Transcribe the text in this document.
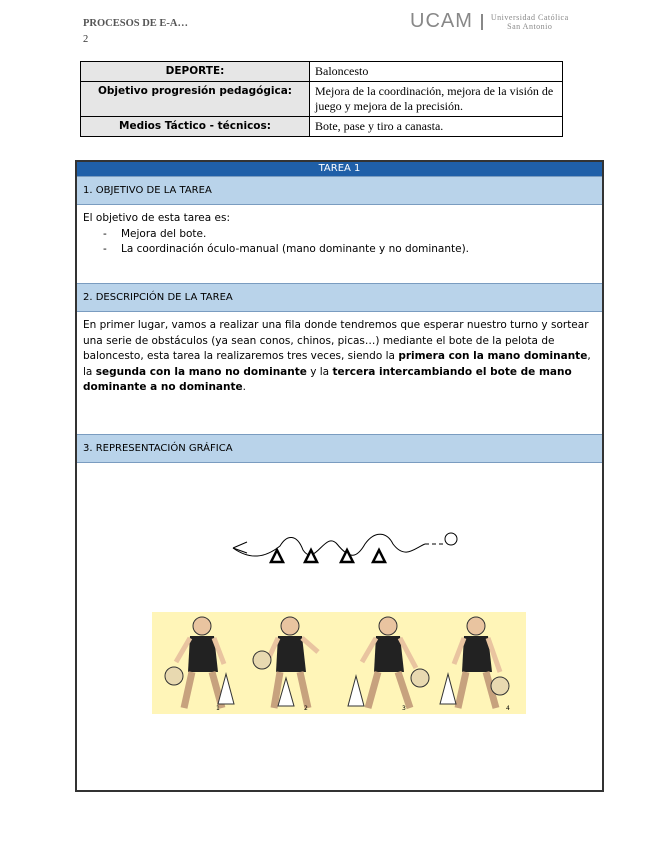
PROCESOS DE E-A…
2
UCAM Universidad Católica
San Antonio
DEPORTE:	Baloncesto
Objetivo progresión pedagógica:	Mejora de la coordinación, mejora de la visión de juego y mejora de la precisión.
Medios Táctico - técnicos:	Bote, pase y tiro a canasta.
TAREA 1
1. OBJETIVO DE LA TAREA
El objetivo de esta tarea es:
- Mejora del bote.
- La coordinación óculo-manual (mano dominante y no dominante).
2. DESCRIPCIÓN DE LA TAREA
En primer lugar, vamos a realizar una fila donde tendremos que esperar nuestro turno y sortear una serie de obstáculos (ya sean conos, chinos, picas…) mediante el bote de la pelota de baloncesto, esta tarea la realizaremos tres veces, siendo la primera con la mano dominante, la segunda con la mano no dominante y la tercera intercambiando el bote de mano dominante a no dominante.
3. REPRESENTACIÓN GRÁFICA
1	2	3	4
